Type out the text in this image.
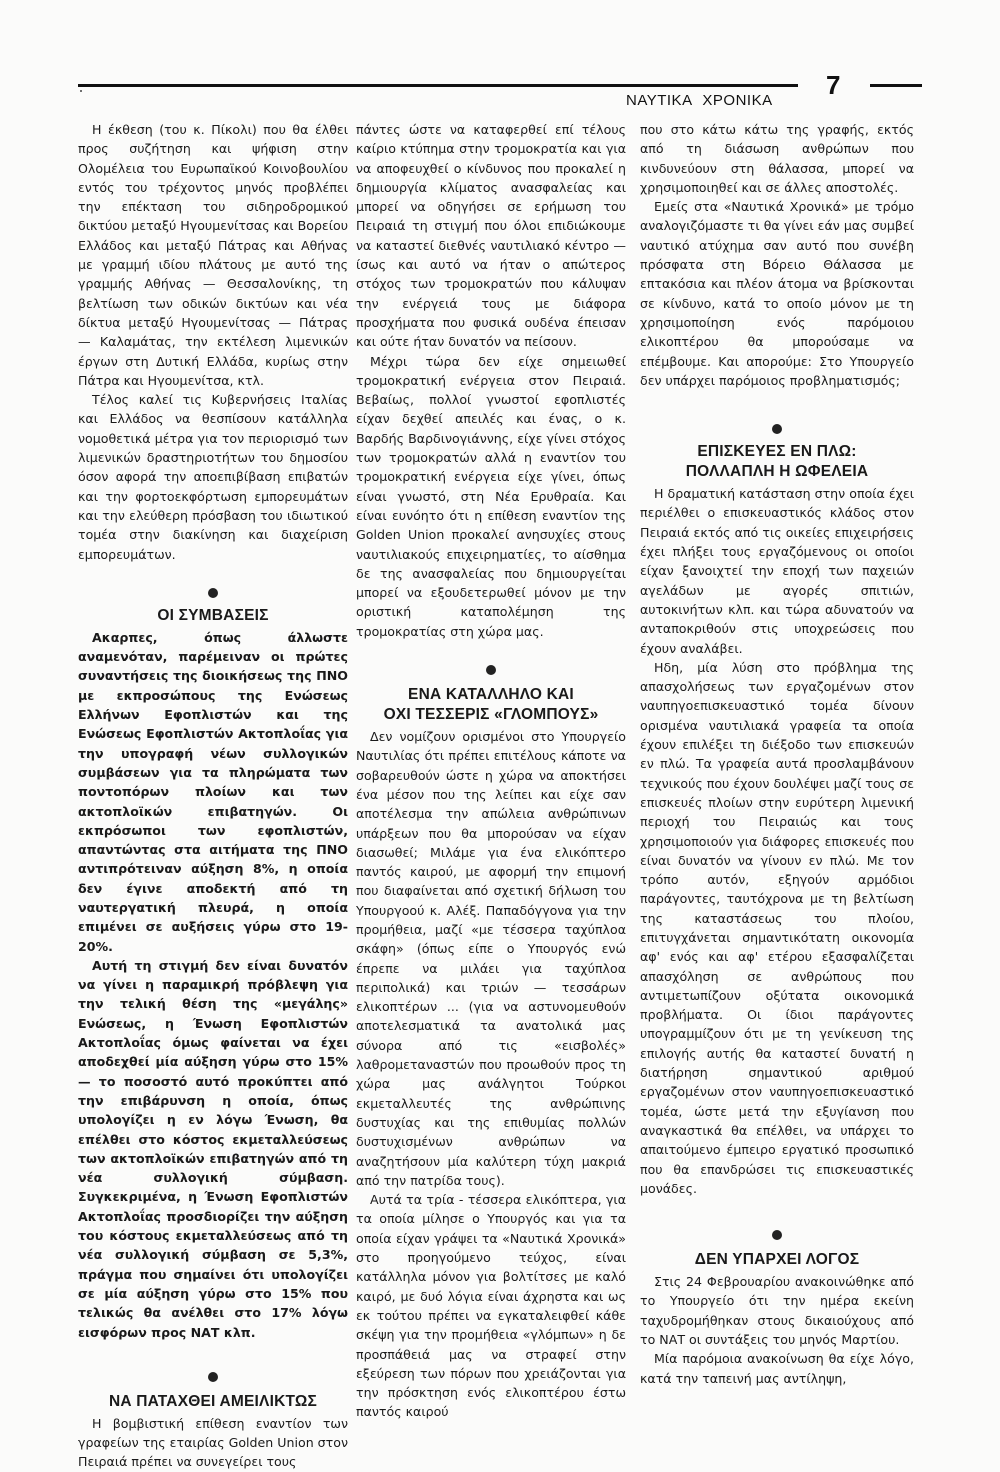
7
ΝΑΥΤΙΚΑ ΧΡΟΝΙΚΑ

Η έκθεση (του κ. Πίκολι) που θα έλθει προς συζήτηση και ψήφιση στην Ολομέλεια του Ευρωπαϊκού Κοινοβουλίου εντός του τρέχοντος μηνός προβλέπει την επέκταση του σιδηροδρομικού δικτύου μεταξύ Ηγουμενίτσας και Βορείου Ελλάδος και μεταξύ Πάτρας και Αθήνας με γραμμή ιδίου πλάτους με αυτό της γραμμής Αθήνας — Θεσσαλονίκης, τη βελτίωση των οδικών δικτύων και νέα δίκτυα μεταξύ Ηγουμενίτσας — Πάτρας — Καλαμάτας, την εκτέλεση λιμενικών έργων στη Δυτική Ελλάδα, κυρίως στην Πάτρα και Ηγουμενίτσα, κτλ.

Τέλος καλεί τις Κυβερνήσεις Ιταλίας και Ελλάδος να θεσπίσουν κατάλληλα νομοθετικά μέτρα για τον περιορισμό των λιμενικών δραστηριοτήτων του δημοσίου όσον αφορά την αποεπιβίβαση επιβατών και την φορτοεκφόρτωση εμπορευμάτων και την ελεύθερη πρόσβαση του ιδιωτικού τομέα στην διακίνηση και διαχείριση εμπορευμάτων.

ΟΙ ΣΥΜΒΑΣΕΙΣ

Ακαρπες, όπως άλλωστε αναμενόταν, παρέμειναν οι πρώτες συναντήσεις της διοικήσεως της ΠΝΟ με εκπροσώπους της Ενώσεως Ελλήνων Εφοπλιστών και της Ενώσεως Εφοπλιστών Ακτοπλοΐας για την υπογραφή νέων συλλογικών συμβάσεων για τα πληρώματα των ποντοπόρων πλοίων και των ακτοπλοϊκών επιβατηγών. Οι εκπρόσωποι των εφοπλιστών, απαντώντας στα αιτήματα της ΠΝΟ αντιπρότειναν αύξηση 8%, η οποία δεν έγινε αποδεκτή από τη ναυτεργατική πλευρά, η οποία επιμένει σε αυξήσεις γύρω στο 19-20%.

Αυτή τη στιγμή δεν είναι δυνατόν να γίνει η παραμικρή πρόβλεψη για την τελική θέση της «μεγάλης» Ενώσεως, η Ένωση Εφοπλιστών Ακτοπλοΐας όμως φαίνεται να έχει αποδεχθεί μία αύξηση γύρω στο 15% — το ποσοστό αυτό προκύπτει από την επιβάρυνση η οποία, όπως υπολογίζει η εν λόγω Ένωση, θα επέλθει στο κόστος εκμεταλλεύσεως των ακτοπλοϊκών επιβατηγών από τη νέα συλλογική σύμβαση. Συγκεκριμένα, η Ένωση Εφοπλιστών Ακτοπλοΐας προσδιορίζει την αύξηση του κόστους εκμεταλλεύσεως από τη νέα συλλογική σύμβαση σε 5,3%, πράγμα που σημαίνει ότι υπολογίζει σε μία αύξηση γύρω στο 15% που τελικώς θα ανέλθει στο 17% λόγω εισφόρων προς ΝΑΤ κλπ.

ΝΑ ΠΑΤΑΧΘΕΙ ΑΜΕΙΛΙΚΤΩΣ

Η βομβιστική επίθεση εναντίον των γραφείων της εταιρίας Golden Union στον Πειραιά πρέπει να συνεγείρει τους

πάντες ώστε να καταφερθεί επί τέλους καίριο κτύπημα στην τρομοκρατία και για να αποφευχθεί ο κίνδυνος που προκαλεί η δημιουργία κλίματος ανασφαλείας και μπορεί να οδηγήσει σε ερήμωση του Πειραιά τη στιγμή που όλοι επιδιώκουμε να καταστεί διεθνές ναυτιλιακό κέντρο — ίσως και αυτό να ήταν ο απώτερος στόχος των τρομοκρατών που κάλυψαν την ενέργειά τους με διάφορα προσχήματα που φυσικά ουδένα έπεισαν και ούτε ήταν δυνατόν να πείσουν.

Μέχρι τώρα δεν είχε σημειωθεί τρομοκρατική ενέργεια στον Πειραιά. Βεβαίως, πολλοί γνωστοί εφοπλιστές είχαν δεχθεί απειλές και ένας, ο κ. Βαρδής Βαρδινογιάννης, είχε γίνει στόχος των τρομοκρατών αλλά η εναντίον του τρομοκρατική ενέργεια είχε γίνει, όπως είναι γνωστό, στη Νέα Ερυθραία. Και είναι ευνόητο ότι η επίθεση εναντίον της Golden Union προκαλεί ανησυχίες στους ναυτιλιακούς επιχειρηματίες, το αίσθημα δε της ανασφαλείας που δημιουργείται μπορεί να εξουδετερωθεί μόνον με την οριστική καταπολέμηση της τρομοκρατίας στη χώρα μας.

ΕΝΑ ΚΑΤΑΛΛΗΛΟ ΚΑΙ
ΟΧΙ ΤΕΣΣΕΡΙΣ «ΓΛΟΜΠΟΥΣ»

Δεν νομίζουν ορισμένοι στο Υπουργείο Ναυτιλίας ότι πρέπει επιτέλους κάποτε να σοβαρευθούν ώστε η χώρα να αποκτήσει ένα μέσον που της λείπει και είχε σαν αποτέλεσμα την απώλεια ανθρώπινων υπάρξεων που θα μπορούσαν να είχαν διασωθεί; Μιλάμε για ένα ελικόπτερο παντός καιρού, με αφορμή την επιμονή που διαφαίνεται από σχετική δήλωση του Υπουργοού κ. Αλέξ. Παπαδόγγονα για την προμήθεια, μαζί «με τέσσερα ταχύπλοα σκάφη» (όπως είπε ο Υπουργός ενώ έπρεπε να μιλάει για ταχύπλοα περιπολικά) και τριών — τεσσάρων ελικοπτέρων ... (για να αστυνομευθούν αποτελεσματικά τα ανατολικά μας σύνορα από τις «εισβολές» λαθρομεταναστών που προωθούν προς τη χώρα μας ανάλγητοι Τούρκοι εκμεταλλευτές της ανθρώπινης δυστυχίας και της επιθυμίας πολλών δυστυχισμένων ανθρώπων να αναζητήσουν μία καλύτερη τύχη μακριά από την πατρίδα τους).

Αυτά τα τρία - τέσσερα ελικόπτερα, για τα οποία μίλησε ο Υπουργός και για τα οποία είχαν γράψει τα «Ναυτικά Χρονικά» στο προηγούμενο τεύχος, είναι κατάλληλα μόνον για βολτίτσες με καλό καιρό, με δυό λόγια είναι άχρηστα και ως εκ τούτου πρέπει να εγκαταλειφθεί κάθε σκέψη για την προμήθεια «γλόμπων» η δε προσπάθειά μας να στραφεί στην εξεύρεση των πόρων που χρειάζονται για την πρόσκτηση ενός ελικοπτέρου έστω παντός καιρού

που στο κάτω κάτω της γραφής, εκτός από τη διάσωση ανθρώπων που κινδυνεύουν στη θάλασσα, μπορεί να χρησιμοποιηθεί και σε άλλες αποστολές.

Εμείς στα «Ναυτικά Χρονικά» με τρόμο αναλογιζόμαστε τι θα γίνει εάν μας συμβεί ναυτικό ατύχημα σαν αυτό που συνέβη πρόσφατα στη Βόρειο Θάλασσα με επτακόσια και πλέον άτομα να βρίσκονται σε κίνδυνο, κατά το οποίο μόνον με τη χρησιμοποίηση ενός παρόμοιου ελικοπτέρου θα μπορούσαμε να επέμβουμε. Και απορούμε: Στο Υπουργείο δεν υπάρχει παρόμοιος προβληματισμός;

ΕΠΙΣΚΕΥΕΣ ΕΝ ΠΛΩ:
ΠΟΛΛΑΠΛΗ Η ΩΦΕΛΕΙΑ

Η δραματική κατάσταση στην οποία έχει περιέλθει ο επισκευαστικός κλάδος στον Πειραιά εκτός από τις οικείες επιχειρήσεις έχει πλήξει τους εργαζόμενους οι οποίοι είχαν ξανοιχτεί την εποχή των παχειών αγελάδων με αγορές σπιτιών, αυτοκινήτων κλπ. και τώρα αδυνατούν να ανταποκριθούν στις υποχρεώσεις που έχουν αναλάβει.

Ηδη, μία λύση στο πρόβλημα της απασχολήσεως των εργαζομένων στον ναυπηγοεπισκευαστικό τομέα δίνουν ορισμένα ναυτιλιακά γραφεία τα οποία έχουν επιλέξει τη διέξοδο των επισκευών εν πλώ. Τα γραφεία αυτά προσλαμβάνουν τεχνικούς που έχουν δουλέψει μαζί τους σε επισκευές πλοίων στην ευρύτερη λιμενική περιοχή του Πειραιώς και τους χρησιμοποιούν για διάφορες επισκευές που είναι δυνατόν να γίνουν εν πλώ. Με τον τρόπο αυτόν, εξηγούν αρμόδιοι παράγοντες, ταυτόχρονα με τη βελτίωση της καταστάσεως του πλοίου, επιτυγχάνεται σημαντικότατη οικονομία αφ' ενός και αφ' ετέρου εξασφαλίζεται απασχόληση σε ανθρώπους που αντιμετωπίζουν οξύτατα οικονομικά προβλήματα. Οι ίδιοι παράγοντες υπογραμμίζουν ότι με τη γενίκευση της επιλογής αυτής θα καταστεί δυνατή η διατήρηση σημαντικού αριθμού εργαζομένων στον ναυπηγοεπισκευαστικό τομέα, ώστε μετά την εξυγίανση που αναγκαστικά θα επέλθει, να υπάρχει το απαιτούμενο έμπειρο εργατικό προσωπικό που θα επανδρώσει τις επισκευαστικές μονάδες.

ΔΕΝ ΥΠΑΡΧΕΙ ΛΟΓΟΣ

Στις 24 Φεβρουαρίου ανακοινώθηκε από το Υπουργείο ότι την ημέρα εκείνη ταχυδρομήθηκαν στους δικαιούχους από το ΝΑΤ οι συντάξεις του μηνός Μαρτίου.

Μία παρόμοια ανακοίνωση θα είχε λόγο, κατά την ταπεινή μας αντίληψη,
